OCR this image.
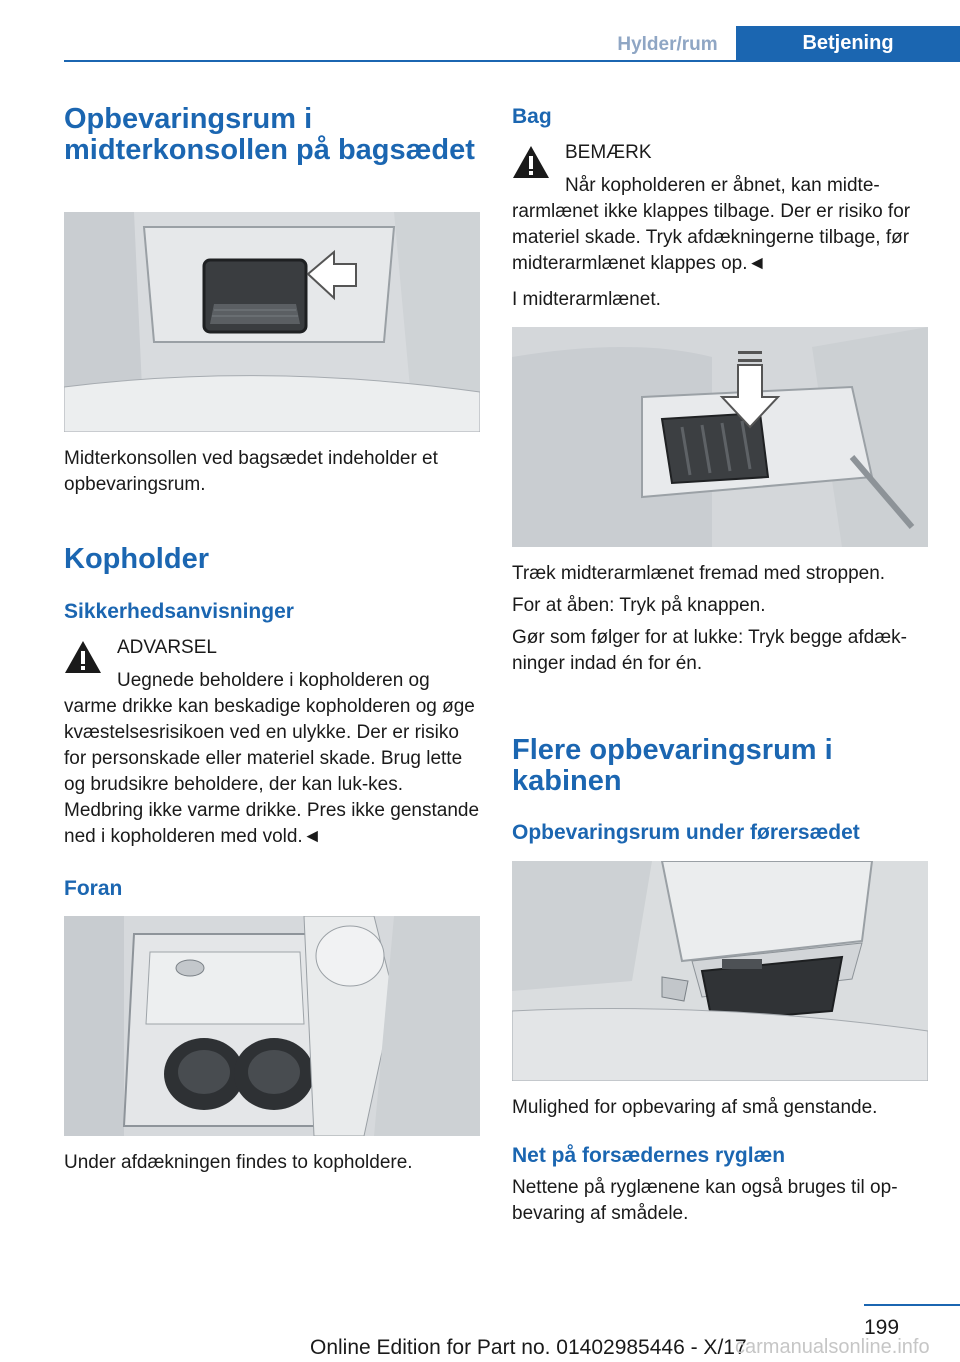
Hylder/rum	Betjening
Opbevaringsrum i midterkonsollen på bagsædet
Midterkonsollen ved bagsædet indeholder et opbevaringsrum.
Kopholder
Sikkerhedsanvisninger
ADVARSEL
Uegnede beholdere i kopholderen og varme drikke kan beskadige kopholderen og øge kvæstelsesrisikoen ved en ulykke. Der er risiko for personskade eller materiel skade. Brug lette og brudsikre beholdere, der kan luk-kes. Medbring ikke varme drikke. Pres ikke genstande ned i kopholderen med vold.◄
Foran
Under afdækningen findes to kopholdere.
Bag
BEMÆRK
Når kopholderen er åbnet, kan midte-rarmlænet ikke klappes tilbage. Der er risiko for materiel skade. Tryk afdækningerne tilbage, før midterarmlænet klappes op.◄
I midterarmlænet.
Træk midterarmlænet fremad med stroppen.
For at åben: Tryk på knappen.
Gør som følger for at lukke: Tryk begge afdæk-ninger indad én for én.
Flere opbevaringsrum i kabinen
Opbevaringsrum under førersædet
Mulighed for opbevaring af små genstande.
Net på forsædernes ryglæn
Nettene på ryglænene kan også bruges til op-bevaring af smådele.
199
Online Edition for Part no. 01402985446 - X/17
carmanualsonline.info
